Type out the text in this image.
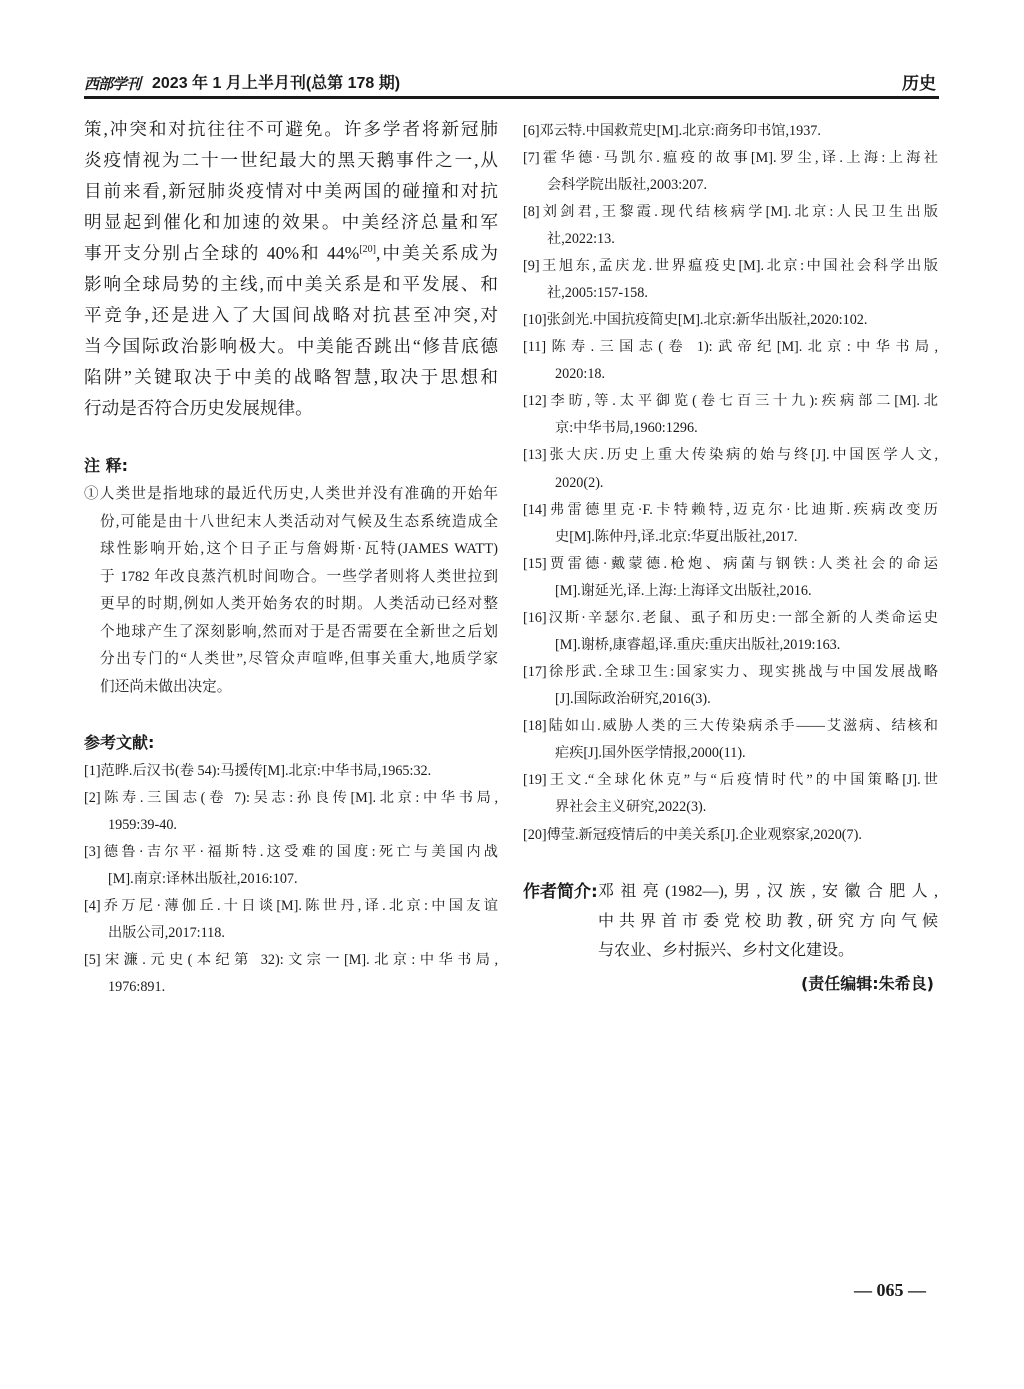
西部学刊 2023 年 1 月上半月刊(总第 178 期)	历史
策,冲突和对抗往往不可避免。许多学者将新冠肺
炎疫情视为二十一世纪最大的黑天鹅事件之一,从
目前来看,新冠肺炎疫情对中美两国的碰撞和对抗
明显起到催化和加速的效果。中美经济总量和军
事开支分别占全球的 40%和 44%[20],中美关系成为
影响全球局势的主线,而中美关系是和平发展、和
平竞争,还是进入了大国间战略对抗甚至冲突,对
当今国际政治影响极大。中美能否跳出“修昔底德
陷阱”关键取决于中美的战略智慧,取决于思想和
行动是否符合历史发展规律。
注 释:
①人类世是指地球的最近代历史,人类世并没有准确的开始年
份,可能是由十八世纪末人类活动对气候及生态系统造成全
球性影响开始,这个日子正与詹姆斯·瓦特(JAMES WATT)
于 1782 年改良蒸汽机时间吻合。一些学者则将人类世拉到
更早的时期,例如人类开始务农的时期。人类活动已经对整
个地球产生了深刻影响,然而对于是否需要在全新世之后划
分出专门的“人类世”,尽管众声喧哗,但事关重大,地质学家
们还尚未做出决定。
参考文献:
[1]范晔.后汉书(卷 54):马援传[M].北京:中华书局,1965:32.
[2]陈寿.三国志(卷 7):吴志:孙良传[M].北京:中华书局,
1959:39-40.
[3]德鲁·吉尔平·福斯特.这受难的国度:死亡与美国内战
[M].南京:译林出版社,2016:107.
[4]乔万尼·薄伽丘.十日谈[M].陈世丹,译.北京:中国友谊
出版公司,2017:118.
[5]宋濂.元史(本纪第 32):文宗一[M].北京:中华书局,
1976:891.
[6]邓云特.中国救荒史[M].北京:商务印书馆,1937.
[7]霍华德·马凯尔.瘟疫的故事[M].罗尘,译.上海:上海社
会科学院出版社,2003:207.
[8]刘剑君,王黎霞.现代结核病学[M].北京:人民卫生出版
社,2022:13.
[9]王旭东,孟庆龙.世界瘟疫史[M].北京:中国社会科学出版
社,2005:157-158.
[10]张剑光.中国抗疫简史[M].北京:新华出版社,2020:102.
[11]陈寿.三国志(卷 1):武帝纪[M].北京:中华书局,
2020:18.
[12]李昉,等.太平御览(卷七百三十九):疾病部二[M].北
京:中华书局,1960:1296.
[13]张大庆.历史上重大传染病的始与终[J].中国医学人文,
2020(2).
[14]弗雷德里克·F.卡特赖特,迈克尔·比迪斯.疾病改变历
史[M].陈仲丹,译.北京:华夏出版社,2017.
[15]贾雷德·戴蒙德.枪炮、病菌与钢铁:人类社会的命运
[M].谢延光,译.上海:上海译文出版社,2016.
[16]汉斯·辛瑟尔.老鼠、虱子和历史:一部全新的人类命运史
[M].谢桥,康睿超,译.重庆:重庆出版社,2019:163.
[17]徐彤武.全球卫生:国家实力、现实挑战与中国发展战略
[J].国际政治研究,2016(3).
[18]陆如山.威胁人类的三大传染病杀手——艾滋病、结核和
疟疾[J].国外医学情报,2000(11).
[19]王文.“全球化休克”与“后疫情时代”的中国策略[J].世
界社会主义研究,2022(3).
[20]傅莹.新冠疫情后的中美关系[J].企业观察家,2020(7).
作者简介: 邓祖亮(1982—),男,汉族,安徽合肥人,
中共界首市委党校助教,研究方向气候
与农业、乡村振兴、乡村文化建设。
(责任编辑:朱希良)
— 065 —
